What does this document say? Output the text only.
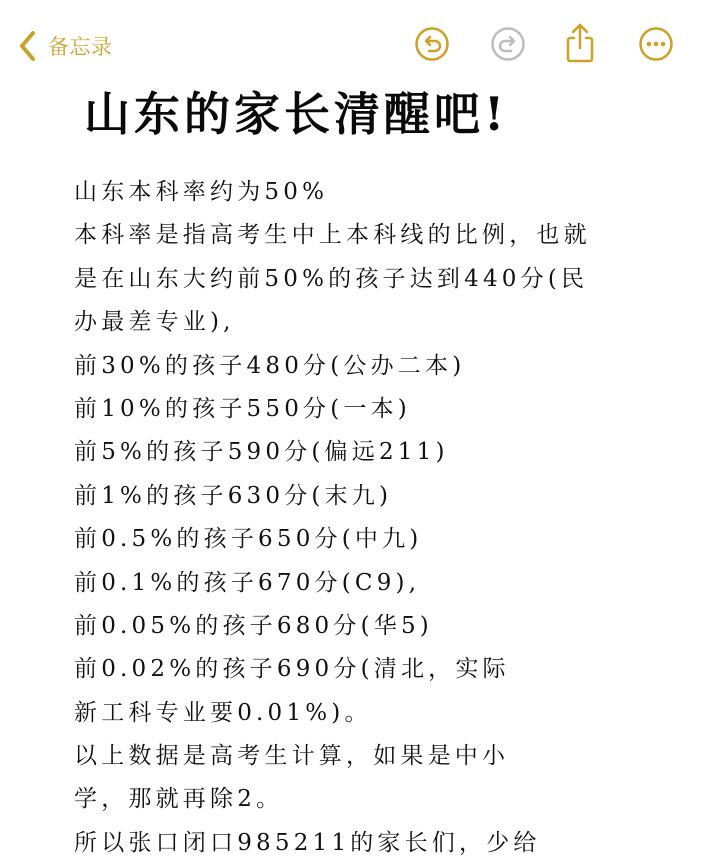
备忘录
山东的家长清醒吧!
山东本科率约为50%
本科率是指高考生中上本科线的比例，也就
是在山东大约前50%的孩子达到440分(民
办最差专业),
前30%的孩子480分(公办二本)
前10%的孩子550分(一本)
前5%的孩子590分(偏远211)
前1%的孩子630分(末九)
前0.5%的孩子650分(中九)
前0.1%的孩子670分(C9),
前0.05%的孩子680分(华5)
前0.02%的孩子690分(清北，实际
新工科专业要0.01%)。
以上数据是高考生计算，如果是中小
学，那就再除2。
所以张口闭口985211的家长们，少给
